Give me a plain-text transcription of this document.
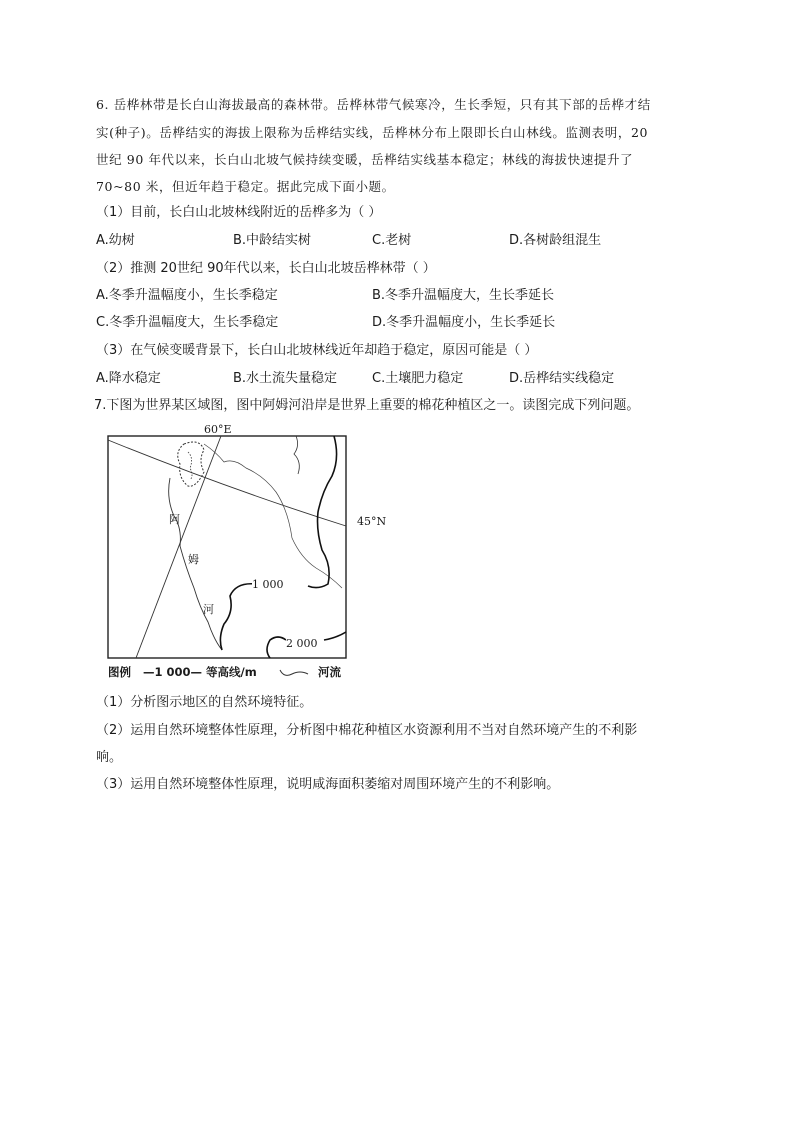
6. 岳桦林带是长白山海拔最高的森林带。岳桦林带气候寒冷，生长季短，只有其下部的岳桦才结
实(种子)。岳桦结实的海拔上限称为岳桦结实线，岳桦林分布上限即长白山林线。监测表明，20
世纪 90 年代以来，长白山北坡气候持续变暖，岳桦结实线基本稳定；林线的海拔快速提升了
70~80 米，但近年趋于稳定。据此完成下面小题。
（1）目前，长白山北坡林线附近的岳桦多为（ ）
A.幼树	B.中龄结实树	C.老树	D.各树龄组混生
（2）推测 20世纪 90年代以来，长白山北坡岳桦林带（ ）
A.冬季升温幅度小，生长季稳定	B.冬季升温幅度大，生长季延长
C.冬季升温幅度大，生长季稳定	D.冬季升温幅度小，生长季延长
（3）在气候变暖背景下，长白山北坡林线近年却趋于稳定，原因可能是（ ）
A.降水稳定	B.水土流失量稳定	C.土壤肥力稳定	D.岳桦结实线稳定
7.下图为世界某区域图，图中阿姆河沿岸是世界上重要的棉花种植区之一。读图完成下列问题。
60°E
45°N
阿
姆
河
1 000
2 000
图例 —1 000— 等高线/m	河流
（1）分析图示地区的自然环境特征。
（2）运用自然环境整体性原理，分析图中棉花种植区水资源利用不当对自然环境产生的不利影
响。
（3）运用自然环境整体性原理，说明咸海面积萎缩对周围环境产生的不利影响。
